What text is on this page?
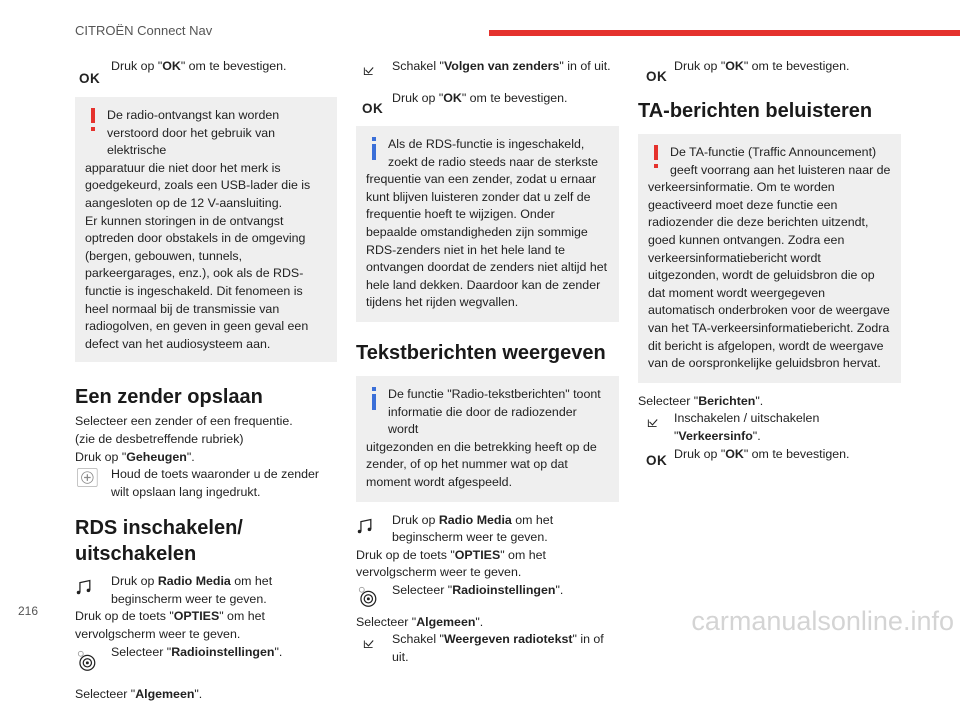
CITROËN Connect Nav
216
OK

Druk op "OK" om te bevestigen.

De radio-ontvangst kan worden verstoord door het gebruik van elektrische

apparatuur die niet door het merk is goedgekeurd, zoals een USB-lader die is aangesloten op de 12 V-aansluiting.

Er kunnen storingen in de ontvangst optreden door obstakels in de omgeving (bergen, gebouwen, tunnels, parkeergarages, enz.), ook als de RDS-functie is ingeschakeld. Dit fenomeen is heel normaal bij de transmissie van radiogolven, en geven in geen geval een defect van het audiosysteem aan.

Een zender opslaan

Selecteer een zender of een frequentie.

(zie de desbetreffende rubriek)

Druk op "Geheugen".

Houd de toets waaronder u de zender wilt opslaan lang ingedrukt.

RDS inschakelen/ uitschakelen

Druk op Radio Media om het beginscherm weer te geven.

Druk op de toets "OPTIES" om het vervolgscherm weer te geven.

Selecteer "Radioinstellingen".

Selecteer "Algemeen".

Schakel "Volgen van zenders" in of uit.

OK

Druk op "OK" om te bevestigen.

Als de RDS-functie is ingeschakeld, zoekt de radio steeds naar de sterkste

frequentie van een zender, zodat u ernaar kunt blijven luisteren zonder dat u zelf de frequentie hoeft te wijzigen. Onder bepaalde omstandigheden zijn sommige RDS-zenders niet in het hele land te ontvangen doordat de zenders niet altijd het hele land dekken. Daardoor kan de zender tijdens het rijden wegvallen.

Tekstberichten weergeven

De functie "Radio-tekstberichten" toont informatie die door de radiozender wordt

uitgezonden en die betrekking heeft op de zender, of op het nummer wat op dat moment wordt afgespeeld.

Druk op Radio Media om het beginscherm weer te geven.

Druk op de toets "OPTIES" om het vervolgscherm weer te geven.

Selecteer "Radioinstellingen".

Selecteer "Algemeen".

Schakel "Weergeven radiotekst" in of uit.

OK

Druk op "OK" om te bevestigen.

TA-berichten beluisteren

De TA-functie (Traffic Announcement) geeft voorrang aan het luisteren naar de

verkeersinformatie. Om te worden geactiveerd moet deze functie een radiozender die deze berichten uitzendt, goed kunnen ontvangen. Zodra een verkeersinformatiebericht wordt uitgezonden, wordt de geluidsbron die op dat moment wordt weergegeven automatisch onderbroken voor de weergave van het TA-verkeersinformatiebericht. Zodra dit bericht is afgelopen, wordt de weergave van de oorspronkelijke geluidsbron hervat.

Selecteer "Berichten".

Inschakelen / uitschakelen "Verkeersinfo".

OK Druk op "OK" om te bevestigen.

carmanualsonline.info
